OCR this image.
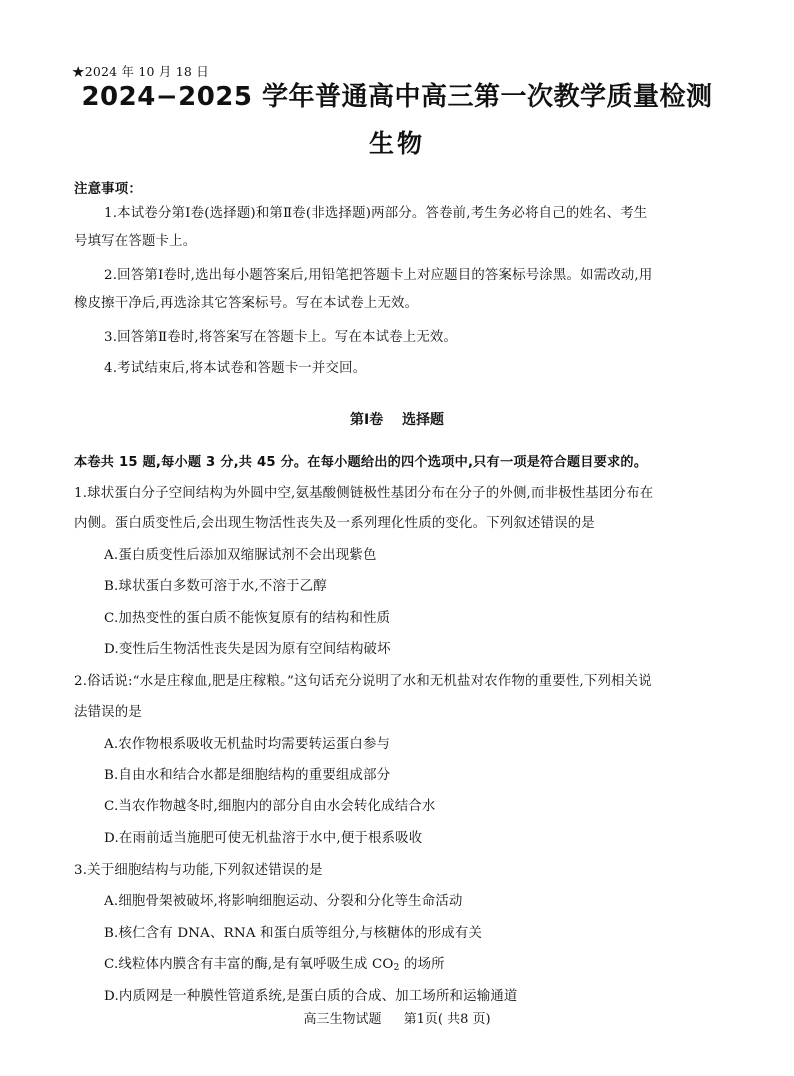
★2024 年 10 月 18 日
2024−2025 学年普通高中高三第一次教学质量检测
生物
注意事项：
1.本试卷分第Ⅰ卷(选择题)和第Ⅱ卷(非选择题)两部分。答卷前,考生务必将自己的姓名、考生
号填写在答题卡上。
2.回答第Ⅰ卷时,选出每小题答案后,用铅笔把答题卡上对应题目的答案标号涂黑。如需改动,用
橡皮擦干净后,再选涂其它答案标号。写在本试卷上无效。
3.回答第Ⅱ卷时,将答案写在答题卡上。写在本试卷上无效。
4.考试结束后,将本试卷和答题卡一并交回。
第Ⅰ卷 选择题
本卷共 15 题,每小题 3 分,共 45 分。在每小题给出的四个选项中,只有一项是符合题目要求的。
1.球状蛋白分子空间结构为外圆中空,氨基酸侧链极性基团分布在分子的外侧,而非极性基团分布在
内侧。蛋白质变性后,会出现生物活性丧失及一系列理化性质的变化。下列叙述错误的是
A.蛋白质变性后添加双缩脲试剂不会出现紫色
B.球状蛋白多数可溶于水,不溶于乙醇
C.加热变性的蛋白质不能恢复原有的结构和性质
D.变性后生物活性丧失是因为原有空间结构破坏
2.俗话说:“水是庄稼血,肥是庄稼粮。”这句话充分说明了水和无机盐对农作物的重要性,下列相关说
法错误的是
A.农作物根系吸收无机盐时均需要转运蛋白参与
B.自由水和结合水都是细胞结构的重要组成部分
C.当农作物越冬时,细胞内的部分自由水会转化成结合水
D.在雨前适当施肥可使无机盐溶于水中,便于根系吸收
3.关于细胞结构与功能,下列叙述错误的是
A.细胞骨架被破坏,将影响细胞运动、分裂和分化等生命活动
B.核仁含有 DNA、RNA 和蛋白质等组分,与核糖体的形成有关
C.线粒体内膜含有丰富的酶,是有氧呼吸生成 $CO_2$ 的场所
D.内质网是一种膜性管道系统,是蛋白质的合成、加工场所和运输通道
高三生物试题 第1页( 共8 页)
